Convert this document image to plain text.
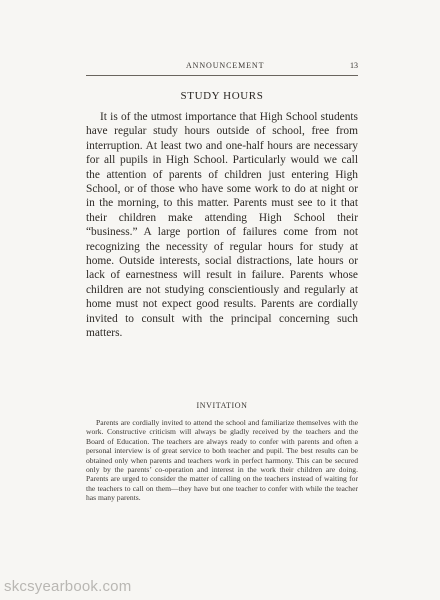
ANNOUNCEMENT	13
STUDY HOURS

It is of the utmost importance that High School students have regular study hours outside of school, free from interruption. At least two and one-half hours are necessary for all pupils in High School. Particularly would we call the attention of parents of children just entering High School, or of those who have some work to do at night or in the morning, to this matter. Parents must see to it that their children make attending High School their “business.” A large portion of failures come from not recognizing the necessity of regular hours for study at home. Outside interests, social distractions, late hours or lack of earnestness will result in failure. Parents whose children are not studying conscientiously and regularly at home must not expect good results. Parents are cordially invited to consult with the principal concerning such matters.

INVITATION

Parents are cordially invited to attend the school and familiarize themselves with the work. Constructive criticism will always be gladly received by the teachers and the Board of Education. The teachers are always ready to confer with parents and often a personal interview is of great service to both teacher and pupil. The best results can be obtained only when parents and teachers work in perfect harmony. This can be secured only by the parents’ co-operation and interest in the work their children are doing. Parents are urged to consider the matter of calling on the teachers instead of waiting for the teachers to call on them—they have but one teacher to confer with while the teacher has many parents.

skcsyearbook.com
